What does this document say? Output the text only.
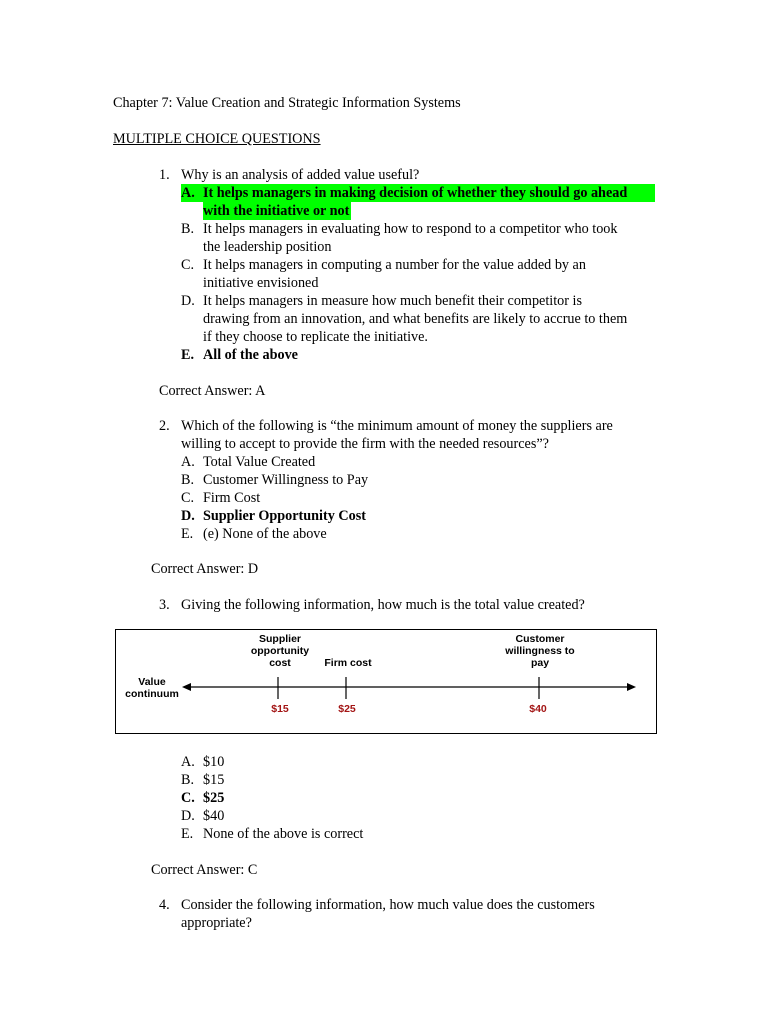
Chapter 7: Value Creation and Strategic Information Systems
MULTIPLE CHOICE QUESTIONS
1. Why is an analysis of added value useful?
A. It helps managers in making decision of whether they should go ahead
with the initiative or not
B. It helps managers in evaluating how to respond to a competitor who took
the leadership position
C. It helps managers in computing a number for the value added by an
initiative envisioned
D. It helps managers in measure how much benefit their competitor is
drawing from an innovation, and what benefits are likely to accrue to them
if they choose to replicate the initiative.
E. All of the above
Correct Answer: A
2. Which of the following is “the minimum amount of money the suppliers are
willing to accept to provide the firm with the needed resources”?
A. Total Value Created
B. Customer Willingness to Pay
C. Firm Cost
D. Supplier Opportunity Cost
E. (e) None of the above
Correct Answer: D
3. Giving the following information, how much is the total value created?
Value
continuum
Supplier
opportunity
cost	Firm cost
Customer
willingness to
pay
$15	$25	$40
A. $10
B. $15
C. $25
D. $40
E. None of the above is correct
Correct Answer: C
4. Consider the following information, how much value does the customers
appropriate?
